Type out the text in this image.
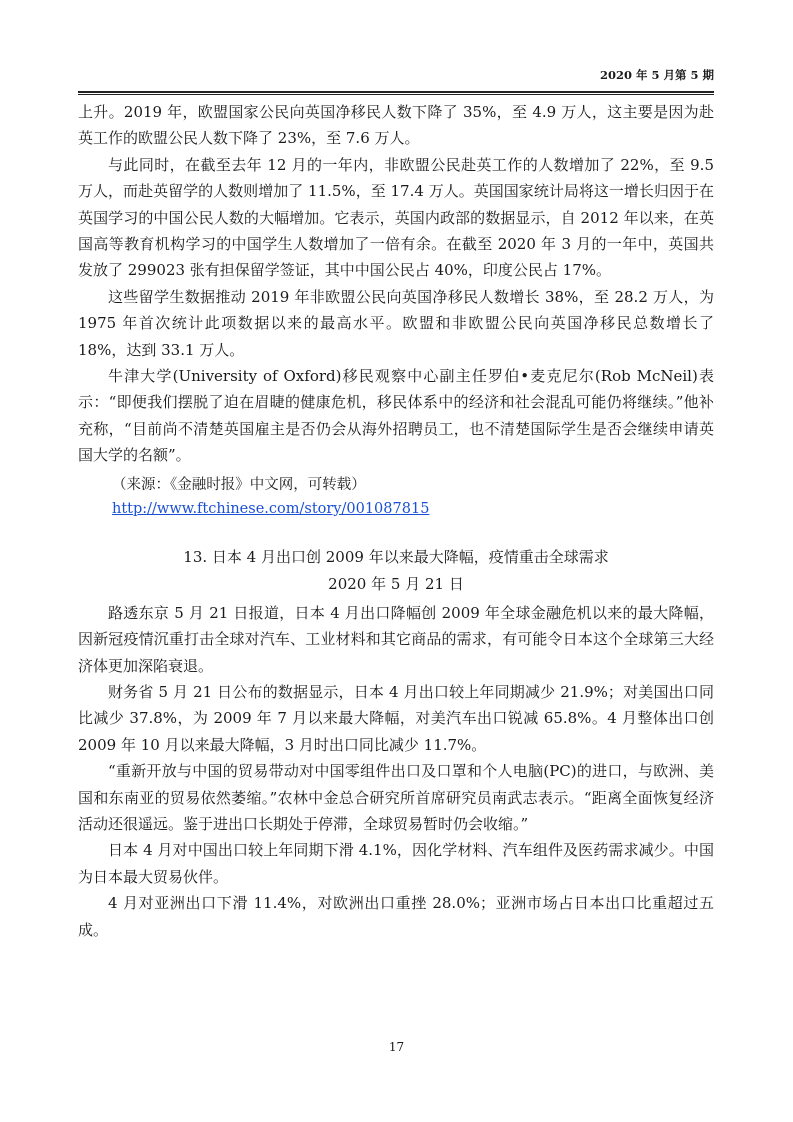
2020 年 5 月第 5 期

上升。2019 年，欧盟国家公民向英国净移民人数下降了 35%，至 4.9 万人，这主要是因为赴英工作的欧盟公民人数下降了 23%，至 7.6 万人。

与此同时，在截至去年 12 月的一年内，非欧盟公民赴英工作的人数增加了 22%，至 9.5 万人，而赴英留学的人数则增加了 11.5%，至 17.4 万人。英国国家统计局将这一增长归因于在英国学习的中国公民人数的大幅增加。它表示，英国内政部的数据显示，自 2012 年以来，在英国高等教育机构学习的中国学生人数增加了一倍有余。在截至 2020 年 3 月的一年中，英国共发放了 299023 张有担保留学签证，其中中国公民占 40%，印度公民占 17%。

这些留学生数据推动 2019 年非欧盟公民向英国净移民人数增长 38%，至 28.2 万人，为 1975 年首次统计此项数据以来的最高水平。欧盟和非欧盟公民向英国净移民总数增长了 18%，达到 33.1 万人。

牛津大学(University of Oxford)移民观察中心副主任罗伯•麦克尼尔(Rob McNeil)表示：“即便我们摆脱了迫在眉睫的健康危机，移民体系中的经济和社会混乱可能仍将继续。”他补充称，“目前尚不清楚英国雇主是否仍会从海外招聘员工，也不清楚国际学生是否会继续申请英国大学的名额”。

（来源：《金融时报》中文网，可转载）
http://www.ftchinese.com/story/001087815
13. 日本 4 月出口创 2009 年以来最大降幅，疫情重击全球需求
2020 年 5 月 21 日

路透东京 5 月 21 日报道，日本 4 月出口降幅创 2009 年全球金融危机以来的最大降幅，因新冠疫情沉重打击全球对汽车、工业材料和其它商品的需求，有可能令日本这个全球第三大经济体更加深陷衰退。

财务省 5 月 21 日公布的数据显示，日本 4 月出口较上年同期减少 21.9%；对美国出口同比减少 37.8%，为 2009 年 7 月以来最大降幅，对美汽车出口锐减 65.8%。4 月整体出口创 2009 年 10 月以来最大降幅，3 月时出口同比减少 11.7%。

“重新开放与中国的贸易带动对中国零组件出口及口罩和个人电脑(PC)的进口，与欧洲、美国和东南亚的贸易依然萎缩。”农林中金总合研究所首席研究员南武志表示。“距离全面恢复经济活动还很遥远。鉴于进出口长期处于停滞，全球贸易暂时仍会收缩。”

日本 4 月对中国出口较上年同期下滑 4.1%，因化学材料、汽车组件及医药需求减少。中国为日本最大贸易伙伴。

4 月对亚洲出口下滑 11.4%，对欧洲出口重挫 28.0%；亚洲市场占日本出口比重超过五成。

17
